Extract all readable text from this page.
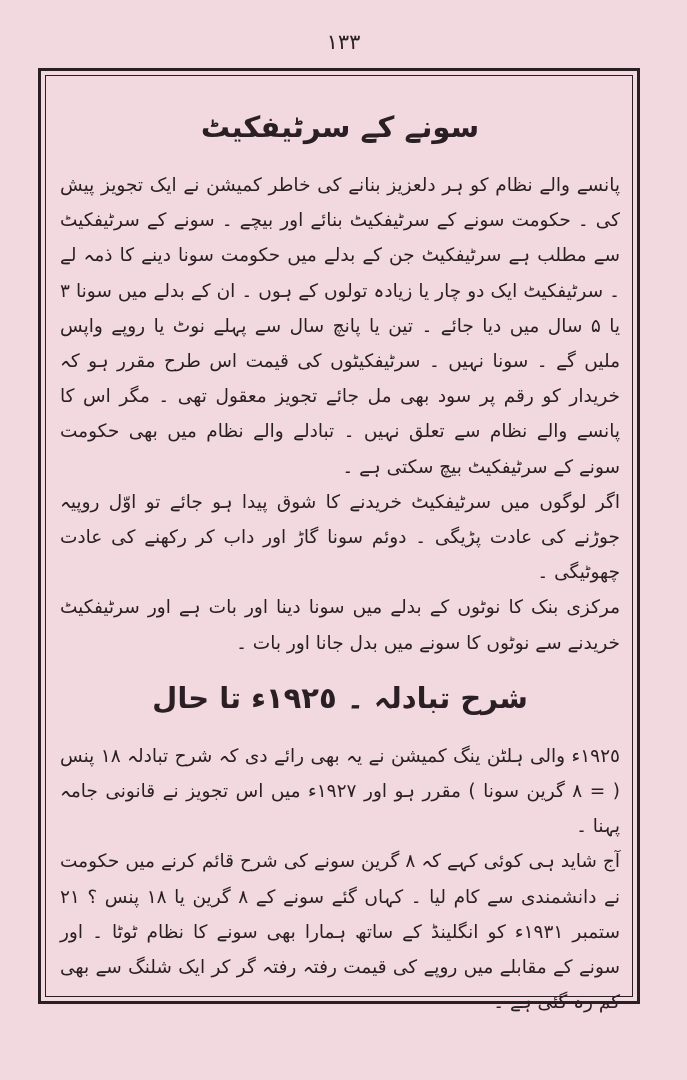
١٣٣
سونے کے سرٹیفکیٹ

پانسے والے نظام کو ہر دلعزیز بنانے کی خاطر کمیشن نے ایک تجویز پیش کی ۔ حکومت سونے کے سرٹیفکیٹ بنائے اور بیچے ۔ سونے کے سرٹیفکیٹ سے مطلب ہے سرٹیفکیٹ جن کے بدلے میں حکومت سونا دینے کا ذمہ لے ۔ سرٹیفکیٹ ایک دو چار یا زیادہ تولوں کے ہوں ۔ ان کے بدلے میں سونا ۳ یا ۵ سال میں دیا جائے ۔ تین یا پانچ سال سے پہلے نوٹ یا روپے واپس ملیں گے ۔ سونا نہیں ۔ سرٹیفکیٹوں کی قیمت اس طرح مقرر ہو کہ خریدار کو رقم پر سود بھی مل جائے تجویز معقول تھی ۔ مگر اس کا پانسے والے نظام سے تعلق نہیں ۔ تبادلے والے نظام میں بھی حکومت سونے کے سرٹیفکیٹ بیچ سکتی ہے ۔

اگر لوگوں میں سرٹیفکیٹ خریدنے کا شوق پیدا ہو جائے تو اوّل روپیہ جوڑنے کی عادت پڑیگی ۔ دوئم سونا گاڑ اور داب کر رکھنے کی عادت چھوٹیگی ۔

مرکزی بنک کا نوٹوں کے بدلے میں سونا دینا اور بات ہے اور سرٹیفکیٹ خریدنے سے نوٹوں کا سونے میں بدل جانا اور بات ۔

شرح تبادلہ ۔ ١٩٢٥ء تا حال

١٩٢٥ء والی ہلٹن ینگ کمیشن نے یہ بھی رائے دی کہ شرح تبادلہ ١٨ پنس ( = ٨ گرین سونا ) مقرر ہو اور ١٩٢٧ء میں اس تجویز نے قانونی جامہ پہنا ۔

آج شاید ہی کوئی کہے کہ ٨ گرین سونے کی شرح قائم کرنے میں حکومت نے دانشمندی سے کام لیا ۔ کہاں گئے سونے کے ٨ گرین یا ١٨ پنس ؟ ٢١ ستمبر ١٩٣١ء کو انگلینڈ کے ساتھ ہمارا بھی سونے کا نظام ٹوٹا ۔ اور سونے کے مقابلے میں روپے کی قیمت رفتہ رفتہ گر کر ایک شلنگ سے بھی کم رہ گئی ہے ۔
